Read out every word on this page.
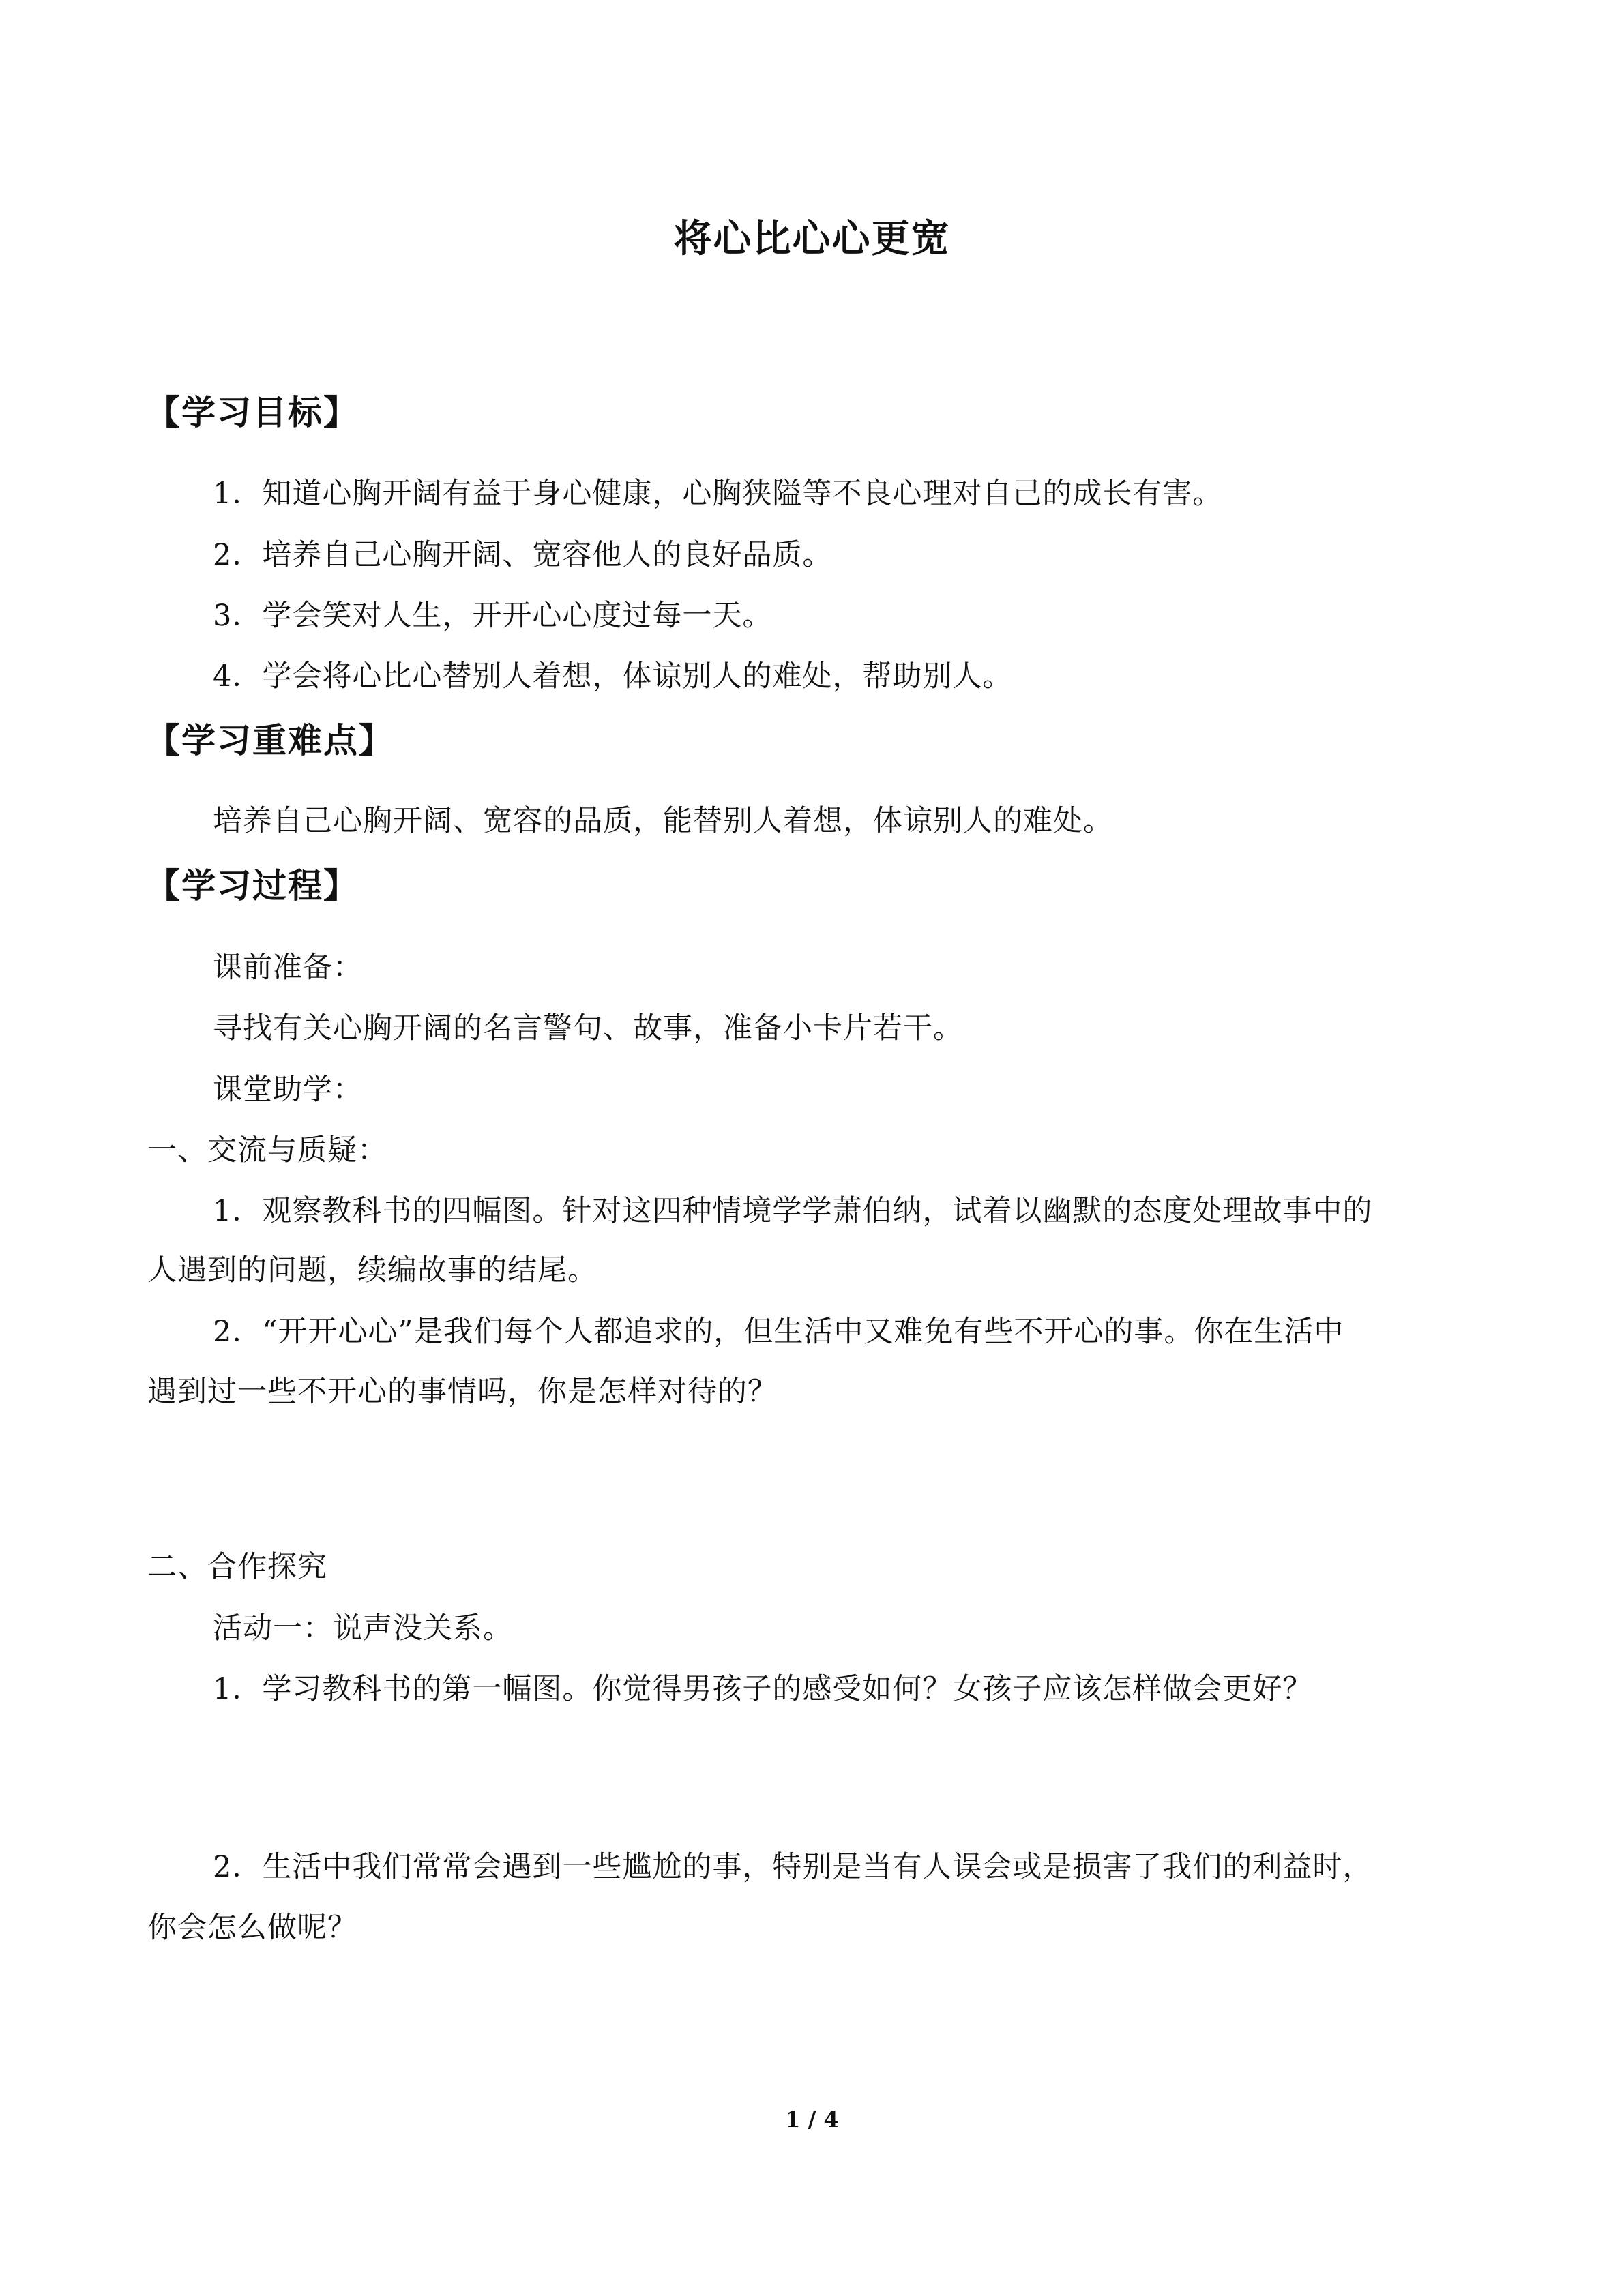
将心比心心更宽
【学习目标】
1．知道心胸开阔有益于身心健康，心胸狭隘等不良心理对自己的成长有害。
2．培养自己心胸开阔、宽容他人的良好品质。
3．学会笑对人生，开开心心度过每一天。
4．学会将心比心替别人着想，体谅别人的难处，帮助别人。
【学习重难点】
培养自己心胸开阔、宽容的品质，能替别人着想，体谅别人的难处。
【学习过程】
课前准备：
寻找有关心胸开阔的名言警句、故事，准备小卡片若干。
课堂助学：
一、交流与质疑：
1．观察教科书的四幅图。针对这四种情境学学萧伯纳，试着以幽默的态度处理故事中的
人遇到的问题，续编故事的结尾。
2．“开开心心”是我们每个人都追求的，但生活中又难免有些不开心的事。你在生活中
遇到过一些不开心的事情吗，你是怎样对待的？
二、合作探究
活动一：说声没关系。
1．学习教科书的第一幅图。你觉得男孩子的感受如何？女孩子应该怎样做会更好？
2．生活中我们常常会遇到一些尴尬的事，特别是当有人误会或是损害了我们的利益时，
你会怎么做呢？
1 / 4
